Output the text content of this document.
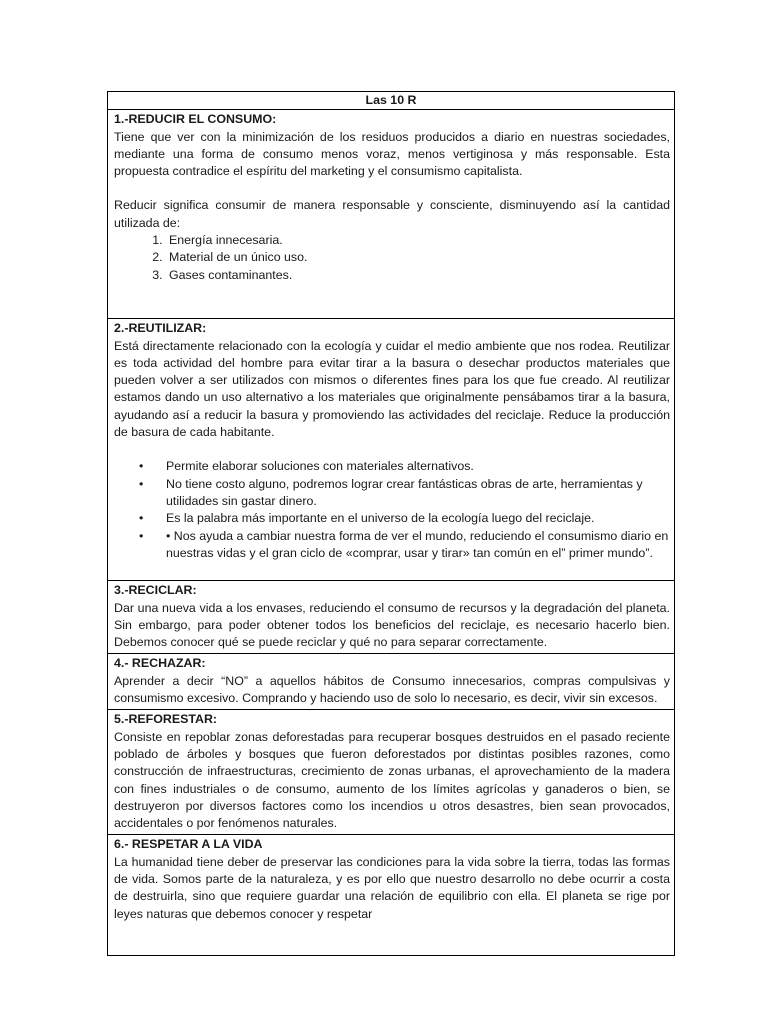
Las 10 R

1.-REDUCIR EL CONSUMO:

Tiene que ver con la minimización de los residuos producidos a diario en nuestras sociedades, mediante una forma de consumo menos voraz, menos vertiginosa y más responsable. Esta propuesta contradice el espíritu del marketing y el consumismo capitalista.

Reducir significa consumir de manera responsable y consciente, disminuyendo así la cantidad utilizada de:

1. Energía innecesaria.
2. Material de un único uso.
3. Gases contaminantes.

2.-REUTILIZAR:

Está directamente relacionado con la ecología y cuidar el medio ambiente que nos rodea. Reutilizar es toda actividad del hombre para evitar tirar a la basura o desechar productos materiales que pueden volver a ser utilizados con mismos o diferentes fines para los que fue creado. Al reutilizar estamos dando un uso alternativo a los materiales que originalmente pensábamos tirar a la basura, ayudando así a reducir la basura y promoviendo las actividades del reciclaje. Reduce la producción de basura de cada habitante.

• Permite elaborar soluciones con materiales alternativos.
• No tiene costo alguno, podremos lograr crear fantásticas obras de arte, herramientas y utilidades sin gastar dinero.
• Es la palabra más importante en el universo de la ecología luego del reciclaje.
• • Nos ayuda a cambiar nuestra forma de ver el mundo, reduciendo el consumismo diario en nuestras vidas y el gran ciclo de «comprar, usar y tirar» tan común en el” primer mundo”.

3.-RECICLAR:

Dar una nueva vida a los envases, reduciendo el consumo de recursos y la degradación del planeta. Sin embargo, para poder obtener todos los beneficios del reciclaje, es necesario hacerlo bien. Debemos conocer qué se puede reciclar y qué no para separar correctamente.

4.- RECHAZAR:

Aprender a decir “NO” a aquellos hábitos de Consumo innecesarios, compras compulsivas y consumismo excesivo. Comprando y haciendo uso de solo lo necesario, es decir, vivir sin excesos.

5.-REFORESTAR:

Consiste en repoblar zonas deforestadas para recuperar bosques destruidos en el pasado reciente poblado de árboles y bosques que fueron deforestados por distintas posibles razones, como construcción de infraestructuras, crecimiento de zonas urbanas, el aprovechamiento de la madera con fines industriales o de consumo, aumento de los límites agrícolas y ganaderos o bien, se destruyeron por diversos factores como los incendios u otros desastres, bien sean provocados, accidentales o por fenómenos naturales.

6.- RESPETAR A LA VIDA

La humanidad tiene deber de preservar las condiciones para la vida sobre la tierra, todas las formas de vida. Somos parte de la naturaleza, y es por ello que nuestro desarrollo no debe ocurrir a costa de destruirla, sino que requiere guardar una relación de equilibrio con ella. El planeta se rige por leyes naturas que debemos conocer y respetar
